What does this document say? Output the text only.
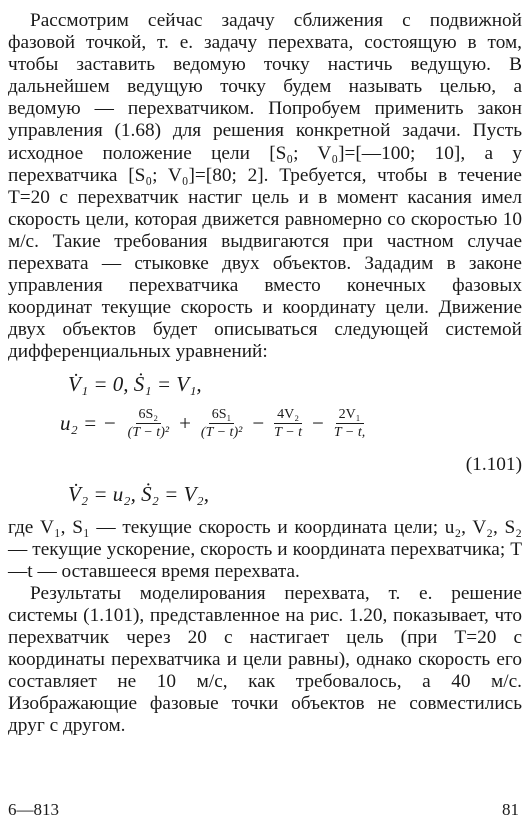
Рассмотрим сейчас задачу сближения с подвижной фазовой точкой, т. е. задачу перехвата, состоящую в том, чтобы заставить ведомую точку настичь ведущую. В дальнейшем ведущую точку будем называть целью, а ведомую — перехватчиком. Попробуем применить закон управления (1.68) для решения конкретной задачи. Пусть исходное положение цели [S₀; V₀]=[—100; 10], а у перехватчика [S₀; V₀]=[80; 2]. Требуется, чтобы в течение T=20 с перехватчик настиг цель и в момент касания имел скорость цели, которая движется равномерно со скоростью 10 м/с. Такие требования выдвигаются при частном случае перехвата — стыковке двух объектов. Зададим в законе управления перехватчика вместо конечных фазовых координат текущие скорость и координату цели. Движение двух объектов будет описываться следующей системой дифференциальных уравнений:

V̇₁ = 0, Ṡ₁ = V₁,
u₂ = − $\frac{\text{6S₂}}{\text{(T − t)²}} + \frac{\text{6S₁}}{\text{(T − t)²}} - \frac{\text{4V₂}}{T - t} - \frac{\text{2V₁}}{T - t,}$
(1.101)
V̇₂ = u₂, Ṡ₂ = V₂,

где V₁, S₁ — текущие скорость и координата цели; u₂, V₂, S₂ — текущие ускорение, скорость и координата перехватчика; T—t — оставшееся время перехвата.

Результаты моделирования перехвата, т. е. решение системы (1.101), представленное на рис. 1.20, показывает, что перехватчик через 20 с настигает цель (при T=20 с координаты перехватчика и цели равны), однако скорость его составляет не 10 м/с, как требовалось, а 40 м/с. Изображающие фазовые точки объектов не совместились друг с другом.

6—813	81
